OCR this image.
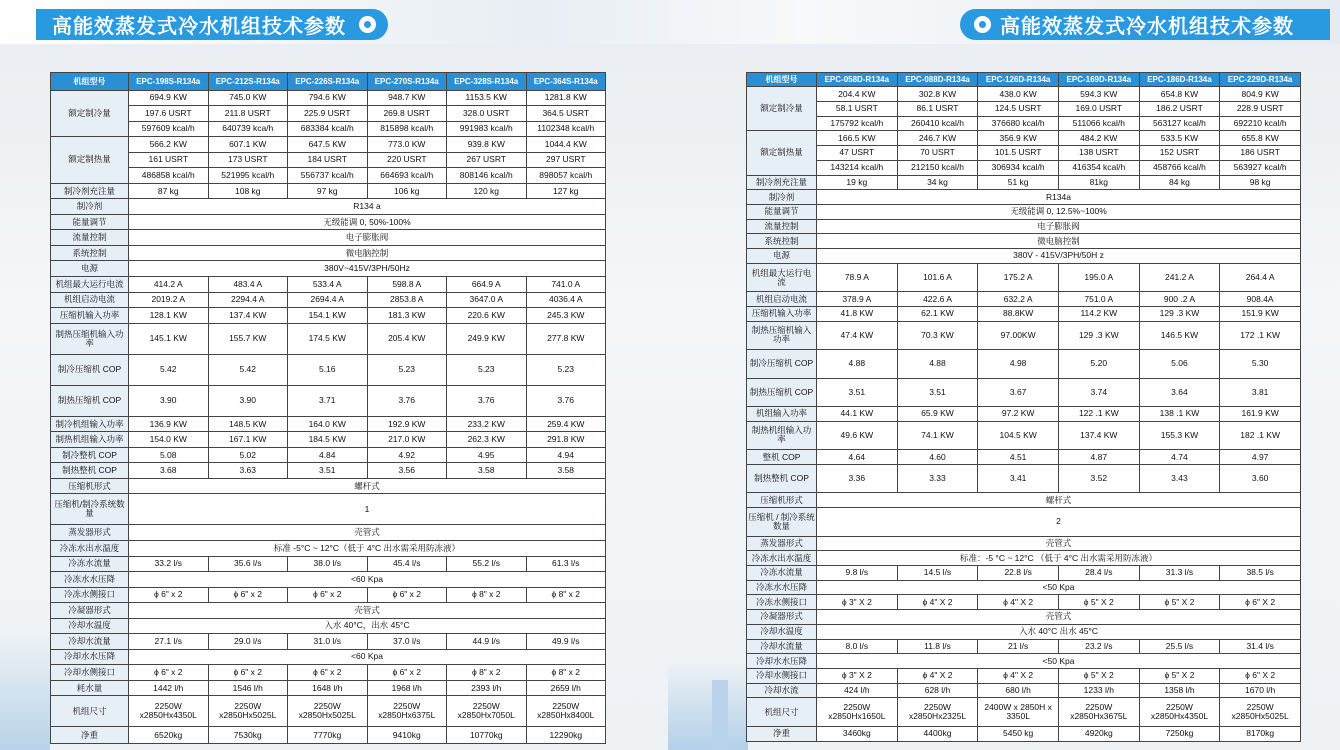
高能效蒸发式冷水机组技术参数	高能效蒸发式冷水机组技术参数
机组型号	EPC-198S-R134a	EPC-212S-R134a	EPC-226S-R134a	EPC-270S-R134a	EPC-328S-R134a	EPC-364S-R134a
额定制冷量	694.9 KW	745.0 KW	794.6 KW	948.7 KW	1153.5 KW	1281.8 KW
	197.6 USRT	211.8 USRT	225.9 USRT	269.8 USRT	328.0 USRT	364.5 USRT
	597609 kcal/h	640739 kca/h	683384 kcal/h	815898 kcal/h	991983 kcal/h	1102348 kcal/h
额定制热量	566.2 KW	607.1 KW	647.5 KW	773.0 KW	939.8 KW	1044.4 KW
	161 USRT	173 USRT	184 USRT	220 USRT	267 USRT	297 USRT
	486858 kcal/h	521995 kcal/h	556737 kcal/h	664693 kcal/h	808146 kcal/h	898057 kcal/h
制冷剂充注量	87 kg	108 kg	97 kg	106 kg	120 kg	127 kg
制冷剂	R134 a					
能量调节	无级能调 0, 50%-100%					
流量控制	电子膨胀阀					
系统控制	微电脑控制					
电源	380V~415V/3PH/50Hz					
机组最大运行电流	414.2 A	483.4 A	533.4 A	598.8 A	664.9 A	741.0 A
机组启动电流	2019.2 A	2294.4 A	2694.4 A	2853.8 A	3647.0 A	4036.4 A
压缩机输入功率	128.1 KW	137.4 KW	154.1 KW	181.3 KW	220.6 KW	245.3 KW
制热压缩机输入功率	145.1 KW	155.7 KW	174.5 KW	205.4 KW	249.9 KW	277.8 KW
制冷压缩机 COP	5.42	5.42	5.16	5.23	5.23	5.23
制热压缩机 COP	3.90	3.90	3.71	3.76	3.76	3.76
制冷机组输入功率	136.9 KW	148.5 KW	164.0 KW	192.9 KW	233.2 KW	259.4 KW
制热机组输入功率	154.0 KW	167.1 KW	184.5 KW	217.0 KW	262.3 KW	291.8 KW
制冷整机 COP	5.08	5.02	4.84	4.92	4.95	4.94
制热整机 COP	3.68	3.63	3.51	3.56	3.58	3.58
压缩机形式	螺杆式					
压缩机/制冷系统数量	1					
蒸发器形式	壳管式					
冷冻水出水温度	标准 -5°C ~ 12°C（低于 4°C 出水需采用防冻液）					
冷冻水流量	33.2 l/s	35.6 l/s	38.0 l/s	45.4 l/s	55.2 l/s	61.3 l/s
冷冻水水压降	<60 Kpa					
冷冻水侧接口	ϕ 6" x 2	ϕ 6" x 2	ϕ 6" x 2	ϕ 6" x 2	ϕ 8" x 2	ϕ 8" x 2
冷凝器形式	壳管式					
冷却水温度	入水 40°C，出水 45°C					
冷却水流量	27.1 l/s	29.0 l/s	31.0 l/s	37.0 l/s	44.9 l/s	49.9 l/s
冷却水水压降	<60 Kpa					
冷却水侧接口	ϕ 6" x 2	ϕ 6" x 2	ϕ 6" x 2	ϕ 6" x 2	ϕ 8" x 2	ϕ 8" x 2
耗水量	1442 l/h	1546 l/h	1648 l/h	1968 l/h	2393 l/h	2659 l/h
机组尺寸	2250W x2850Hx4350L	2250W x2850Hx5025L	2250W x2850Hx5025L	2250W x2850Hx6375L	2250W x2850Hx7050L	2250W x2850Hx8400L
净重	6520kg	7530kg	7770kg	9410kg	10770kg	12290kg
机组型号	EPC-058D-R134a	EPC-088D-R134a	EPC-126D-R134a	EPC-169D-R134a	EPC-186D-R134a	EPC-229D-R134a
额定制冷量	204.4 KW	302.8 KW	438.0 KW	594.3 KW	654.8 KW	804.9 KW
	58.1 USRT	86.1 USRT	124.5 USRT	169.0 USRT	186.2 USRT	228.9 USRT
	175792 kcal/h	260410 kcal/h	376680 kcal/h	511066 kcal/h	563127 kcal/h	692210 kcal/h
额定制热量	166.5 KW	246.7 KW	356.9 KW	484.2 KW	533.5 KW	655.8 KW
	47 USRT	70 USRT	101.5 USRT	138 USRT	152 USRT	186 USRT
	143214 kcal/h	212150 kcal/h	306934 kcal/h	416354 kcal/h	458766 kcal/h	563927 kcal/h
制冷剂充注量	19 kg	34 kg	51 kg	81kg	84 kg	98 kg
制冷剂	R134a					
能量调节	无级能调 0, 12.5%~100%					
流量控制	电子膨胀阀					
系统控制	微电脑控制					
电源	380V - 415V/3PH/50H z					
机组最大运行电流	78.9 A	101.6 A	175.2 A	195.0 A	241.2 A	264.4 A
机组启动电流	378.9 A	422.6 A	632.2 A	751.0 A	900 .2 A	908.4A
压缩机输入功率	41.8 KW	62.1 KW	88.8KW	114.2 KW	129 .3 KW	151.9 KW
制热压缩机输入功率	47.4 KW	70.3 KW	97.00KW	129 .3 KW	146.5 KW	172 .1 KW
制冷压缩机 COP	4.88	4.88	4.98	5.20	5.06	5.30
制热压缩机 COP	3.51	3.51	3.67	3.74	3.64	3.81
机组输入功率	44.1 KW	65.9 KW	97.2 KW	122 .1 KW	138 .1 KW	161.9 KW
制热机组输入功率	49.6 KW	74.1 KW	104.5 KW	137.4 KW	155.3 KW	182 .1 KW
整机 COP	4.64	4.60	4.51	4.87	4.74	4.97
制热整机 COP	3.36	3.33	3.41	3.52	3.43	3.60
压缩机形式	螺杆式					
压缩机 / 制冷系统数量	2					
蒸发器形式	壳管式					
冷冻水出水温度	标准：-5 °C ~ 12°C （低于 4°C 出水需采用防冻液）					
冷冻水流量	9.8 l/s	14.5 l/s	22.8 l/s	28.4 l/s	31.3 l/s	38.5 l/s
冷冻水水压降	<50 Kpa					
冷冻水侧接口	ϕ 3" X 2	ϕ 4" X 2	ϕ 4" X 2	ϕ 5" X 2	ϕ 5" X 2	ϕ 6" X 2
冷凝器形式	壳管式					
冷却水温度	入水 40°C 出水 45°C					
冷却水流量	8.0 l/s	11.8 l/s	21 l/s	23.2 l/s	25.5 l/s	31.4 l/s
冷却水水压降	<50 Kpa					
冷却水侧接口	ϕ 3" X 2	ϕ 4" X 2	ϕ 4" X 2	ϕ 5" X 2	ϕ 5" X 2	ϕ 6" X 2
冷却水流	424 l/h	628 l/h	680 l/h	1233 l/h	1358 l/h	1670 l/h
机组尺寸	2250W x2850Hx1650L	2250W x2850Hx2325L	2400W x 2850H x 3350L	2250W x2850Hx3675L	2250W x2850Hx4350L	2250W x2850Hx5025L
净重	3460kg	4400kg	5450 kg	4920kg	7250kg	8170kg
